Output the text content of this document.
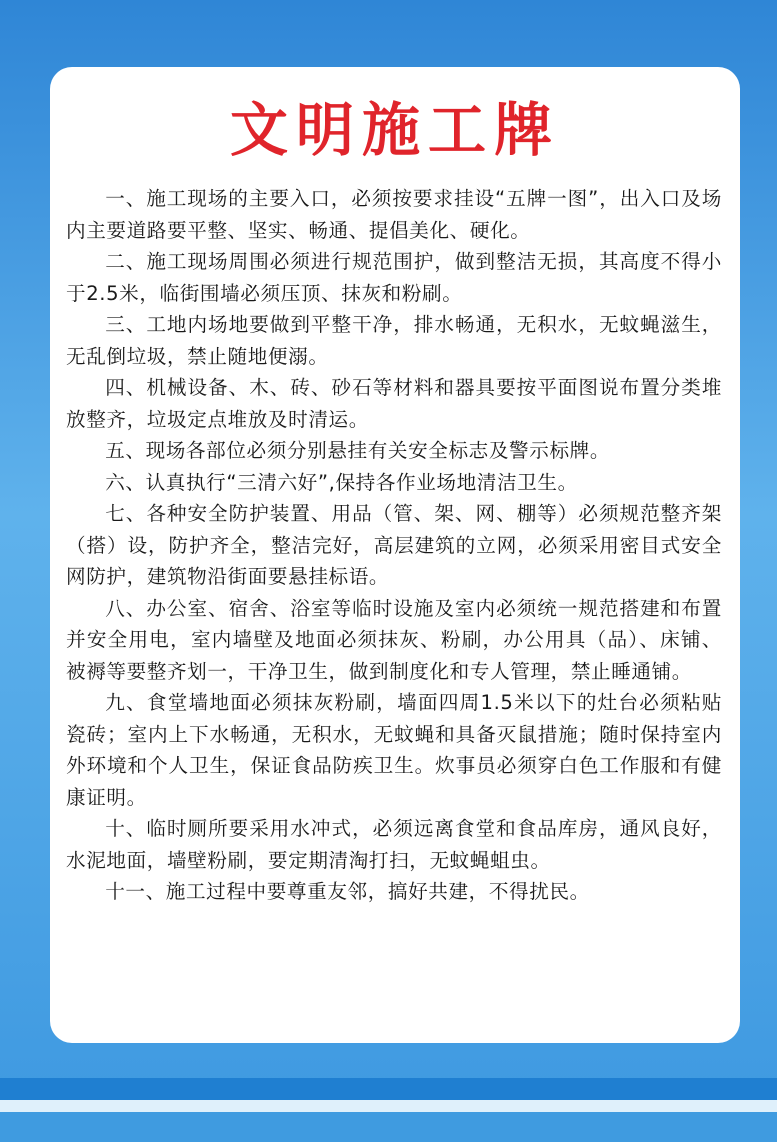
文明施工牌

一、施工现场的主要入口，必须按要求挂设“五牌一图”，出入口及场内主要道路要平整、坚实、畅通、提倡美化、硬化。

二、施工现场周围必须进行规范围护，做到整洁无损，其高度不得小于2.5米，临街围墙必须压顶、抹灰和粉刷。

三、工地内场地要做到平整干净，排水畅通，无积水，无蚊蝇滋生，无乱倒垃圾，禁止随地便溺。

四、机械设备、木、砖、砂石等材料和器具要按平面图说布置分类堆放整齐，垃圾定点堆放及时清运。

五、现场各部位必须分别悬挂有关安全标志及警示标牌。

六、认真执行“三清六好”,保持各作业场地清洁卫生。

七、各种安全防护装置、用品（管、架、网、棚等）必须规范整齐架（搭）设，防护齐全，整洁完好，高层建筑的立网，必须采用密目式安全网防护，建筑物沿街面要悬挂标语。

八、办公室、宿舍、浴室等临时设施及室内必须统一规范搭建和布置并安全用电，室内墙壁及地面必须抹灰、粉刷，办公用具（品）、床铺、被褥等要整齐划一，干净卫生，做到制度化和专人管理，禁止睡通铺。

九、食堂墙地面必须抹灰粉刷，墙面四周1.5米以下的灶台必须粘贴瓷砖；室内上下水畅通，无积水，无蚊蝇和具备灭鼠措施；随时保持室内外环境和个人卫生，保证食品防疾卫生。炊事员必须穿白色工作服和有健康证明。

十、临时厕所要采用水冲式，必须远离食堂和食品库房，通风良好，水泥地面，墙壁粉刷，要定期清淘打扫，无蚊蝇蛆虫。

十一、施工过程中要尊重友邻，搞好共建，不得扰民。
